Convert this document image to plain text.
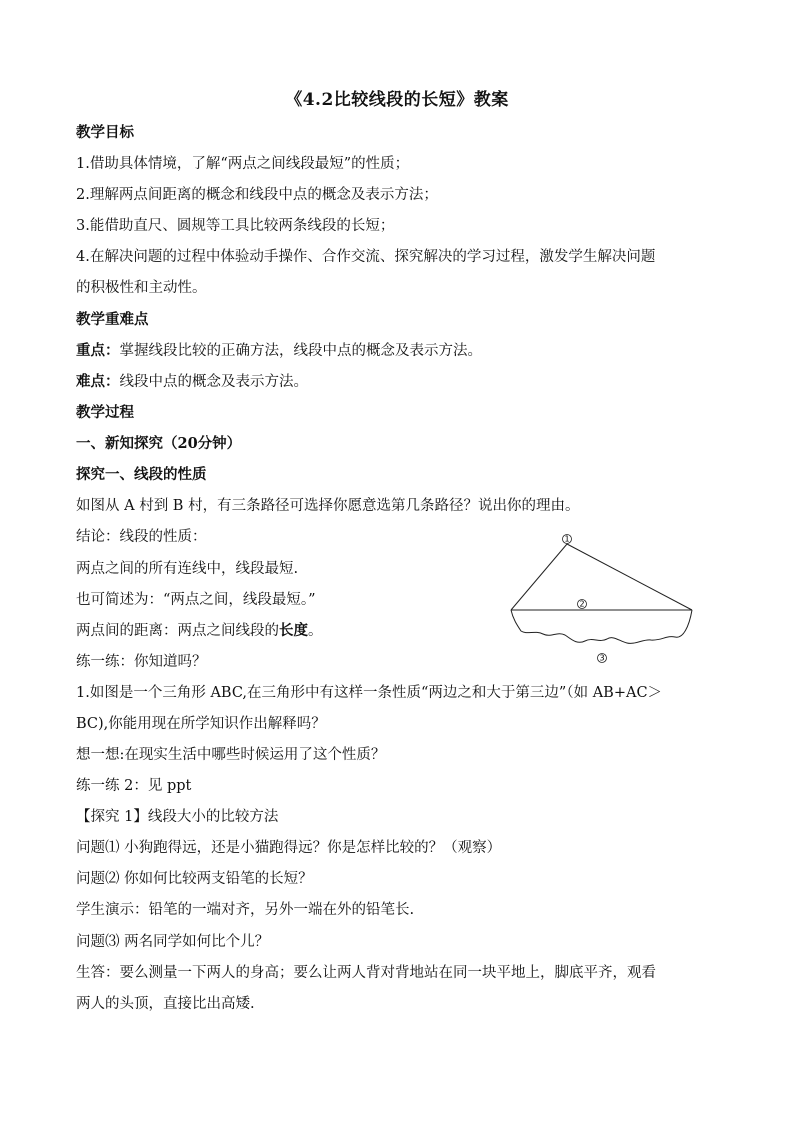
《4.2比较线段的长短》教案
教学目标
1.借助具体情境，了解“两点之间线段最短”的性质；
2.理解两点间距离的概念和线段中点的概念及表示方法；
3.能借助直尺、圆规等工具比较两条线段的长短；
4.在解决问题的过程中体验动手操作、合作交流、探究解决的学习过程，激发学生解决问题
的积极性和主动性。
教学重难点
重点：掌握线段比较的正确方法，线段中点的概念及表示方法。
难点：线段中点的概念及表示方法。
教学过程
一、新知探究（20分钟）
探究一、线段的性质
如图从 A 村到 B 村，有三条路径可选择你愿意选第几条路径？说出你的理由。
结论：线段的性质：
两点之间的所有连线中，线段最短.
也可简述为：“两点之间，线段最短。”
两点间的距离：两点之间线段的长度。
练一练：你知道吗？
1.如图是一个三角形 ABC,在三角形中有这样一条性质“两边之和大于第三边”（如 AB+AC＞
BC),你能用现在所学知识作出解释吗？
想一想:在现实生活中哪些时候运用了这个性质？
练一练 2：见 ppt
【探究 1】线段大小的比较方法
问题⑴ 小狗跑得远，还是小猫跑得远？你是怎样比较的？（观察）
问题⑵ 你如何比较两支铅笔的长短？
学生演示：铅笔的一端对齐，另外一端在外的铅笔长.
问题⑶ 两名同学如何比个儿？
生答：要么测量一下两人的身高；要么让两人背对背地站在同一块平地上，脚底平齐，观看
两人的头顶，直接比出高矮.
1
2
3
